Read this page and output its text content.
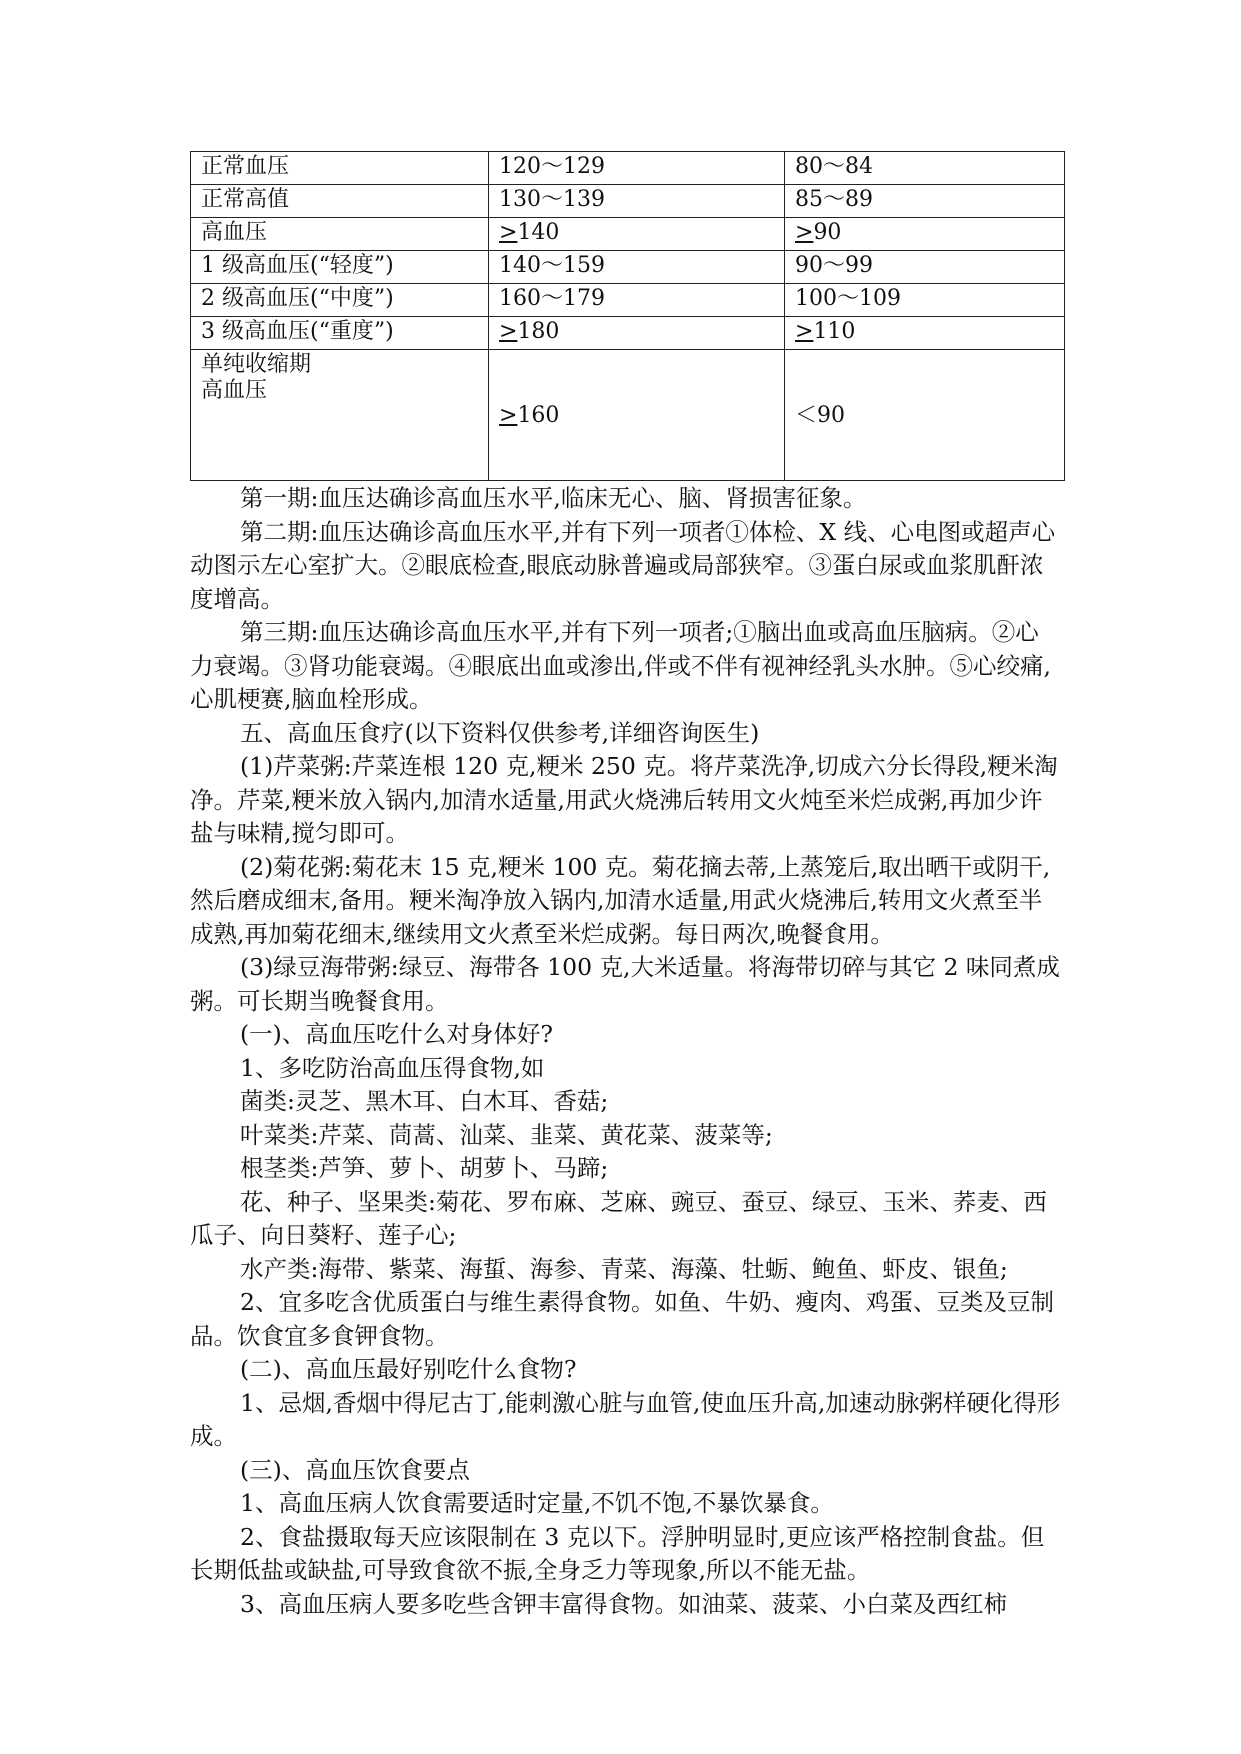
正常血压	120～129	80～84
正常高值	130～139	85～89
高血压	≥140	≥90
1 级高血压(“轻度”)	140～159	90～99
2 级高血压(“中度”)	160～179	100～109
3 级高血压(“重度”)	≥180	≥110

单纯收缩期
高血压	≥160	＜90

第一期:血压达确诊高血压水平,临床无心、脑、肾损害征象。

第二期:血压达确诊高血压水平,并有下列一项者①体检、X 线、心电图或超声心动图示左心室扩大。②眼底检查,眼底动脉普遍或局部狭窄。③蛋白尿或血浆肌酐浓度增高。

第三期:血压达确诊高血压水平,并有下列一项者;①脑出血或高血压脑病。②心力衰竭。③肾功能衰竭。④眼底出血或渗出,伴或不伴有视神经乳头水肿。⑤心绞痛,心肌梗赛,脑血栓形成。

五、高血压食疗(以下资料仅供参考,详细咨询医生)

(1)芹菜粥:芹菜连根 120 克,粳米 250 克。将芹菜洗净,切成六分长得段,粳米淘净。芹菜,粳米放入锅内,加清水适量,用武火烧沸后转用文火炖至米烂成粥,再加少许盐与味精,搅匀即可。

(2)菊花粥:菊花末 15 克,粳米 100 克。菊花摘去蒂,上蒸笼后,取出晒干或阴干,然后磨成细末,备用。粳米淘净放入锅内,加清水适量,用武火烧沸后,转用文火煮至半成熟,再加菊花细末,继续用文火煮至米烂成粥。每日两次,晚餐食用。

(3)绿豆海带粥:绿豆、海带各 100 克,大米适量。将海带切碎与其它 2 味同煮成粥。可长期当晚餐食用。

(一)、高血压吃什么对身体好?

1、多吃防治高血压得食物,如

菌类:灵芝、黑木耳、白木耳、香菇;

叶菜类:芹菜、茼蒿、汕菜、韭菜、黄花菜、菠菜等;

根茎类:芦笋、萝卜、胡萝卜、马蹄;

花、种子、坚果类:菊花、罗布麻、芝麻、豌豆、蚕豆、绿豆、玉米、荞麦、西瓜子、向日葵籽、莲子心;

水产类:海带、紫菜、海蜇、海参、青菜、海藻、牡蛎、鲍鱼、虾皮、银鱼;

2、宜多吃含优质蛋白与维生素得食物。如鱼、牛奶、瘦肉、鸡蛋、豆类及豆制品。饮食宜多食钾食物。

(二)、高血压最好别吃什么食物?

1、忌烟,香烟中得尼古丁,能刺激心脏与血管,使血压升高,加速动脉粥样硬化得形成。

(三)、高血压饮食要点

1、高血压病人饮食需要适时定量,不饥不饱,不暴饮暴食。

2、食盐摄取每天应该限制在 3 克以下。浮肿明显时,更应该严格控制食盐。但长期低盐或缺盐,可导致食欲不振,全身乏力等现象,所以不能无盐。

3、高血压病人要多吃些含钾丰富得食物。如油菜、菠菜、小白菜及西红柿
